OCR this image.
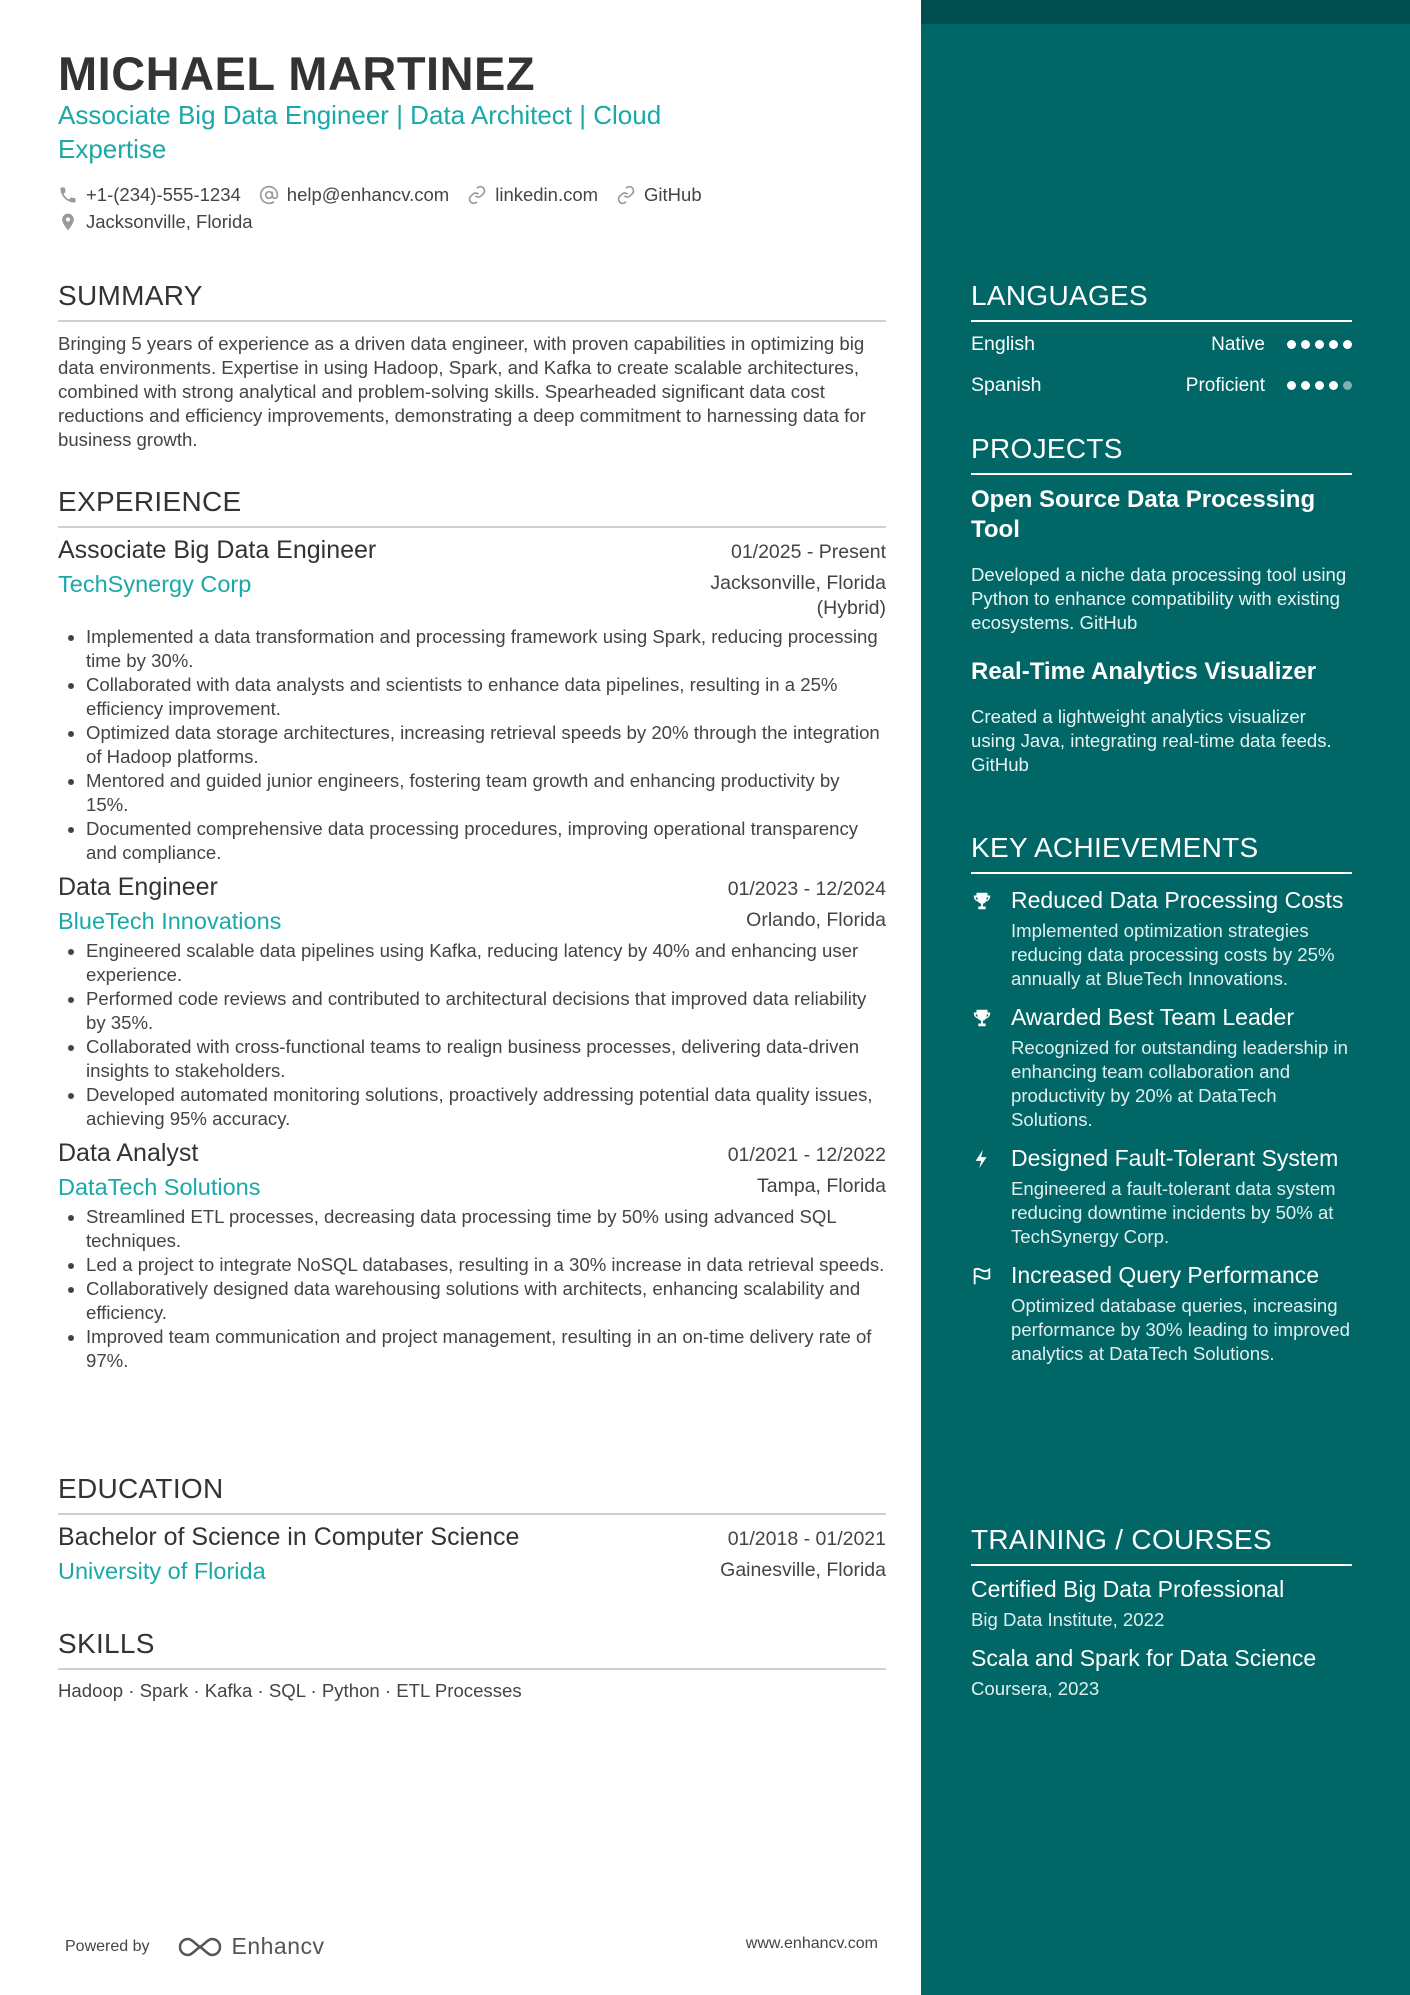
MICHAEL MARTINEZ

Associate Big Data Engineer | Data Architect | Cloud Expertise

+1-(234)-555-1234 help@enhancv.com linkedin.com GitHub
Jacksonville, Florida
SUMMARY

Bringing 5 years of experience as a driven data engineer, with proven capabilities in optimizing big data environments. Expertise in using Hadoop, Spark, and Kafka to create scalable architectures, combined with strong analytical and problem-solving skills. Spearheaded significant data cost reductions and efficiency improvements, demonstrating a deep commitment to harnessing data for business growth.

EXPERIENCE
Associate Big Data Engineer	01/2025 - Present
TechSynergy Corp	Jacksonville, Florida (Hybrid)
• Implemented a data transformation and processing framework using Spark, reducing processing time by 30%.
• Collaborated with data analysts and scientists to enhance data pipelines, resulting in a 25% efficiency improvement.
• Optimized data storage architectures, increasing retrieval speeds by 20% through the integration of Hadoop platforms.
• Mentored and guided junior engineers, fostering team growth and enhancing productivity by 15%.
• Documented comprehensive data processing procedures, improving operational transparency and compliance.
Data Engineer	01/2023 - 12/2024
BlueTech Innovations	Orlando, Florida
• Engineered scalable data pipelines using Kafka, reducing latency by 40% and enhancing user experience.
• Performed code reviews and contributed to architectural decisions that improved data reliability by 35%.
• Collaborated with cross-functional teams to realign business processes, delivering data-driven insights to stakeholders.
• Developed automated monitoring solutions, proactively addressing potential data quality issues, achieving 95% accuracy.
Data Analyst	01/2021 - 12/2022
DataTech Solutions	Tampa, Florida
• Streamlined ETL processes, decreasing data processing time by 50% using advanced SQL techniques.
• Led a project to integrate NoSQL databases, resulting in a 30% increase in data retrieval speeds.
• Collaboratively designed data warehousing solutions with architects, enhancing scalability and efficiency.
• Improved team communication and project management, resulting in an on-time delivery rate of 97%.
EDUCATION
Bachelor of Science in Computer Science	01/2018 - 01/2021
University of Florida	Gainesville, Florida
SKILLS
Hadoop · Spark · Kafka · SQL · Python · ETL Processes
Powered by	Enhancv	www.enhancv.com
LANGUAGES
English	Native
Spanish	Proficient
PROJECTS
Open Source Data Processing Tool
Developed a niche data processing tool using Python to enhance compatibility with existing ecosystems. GitHub
Real-Time Analytics Visualizer
Created a lightweight analytics visualizer using Java, integrating real-time data feeds. GitHub
KEY ACHIEVEMENTS
Reduced Data Processing Costs
Implemented optimization strategies reducing data processing costs by 25% annually at BlueTech Innovations.
Awarded Best Team Leader
Recognized for outstanding leadership in enhancing team collaboration and productivity by 20% at DataTech Solutions.
Designed Fault-Tolerant System
Engineered a fault-tolerant data system reducing downtime incidents by 50% at TechSynergy Corp.
Increased Query Performance
Optimized database queries, increasing performance by 30% leading to improved analytics at DataTech Solutions.
TRAINING / COURSES
Certified Big Data Professional
Big Data Institute, 2022
Scala and Spark for Data Science
Coursera, 2023
